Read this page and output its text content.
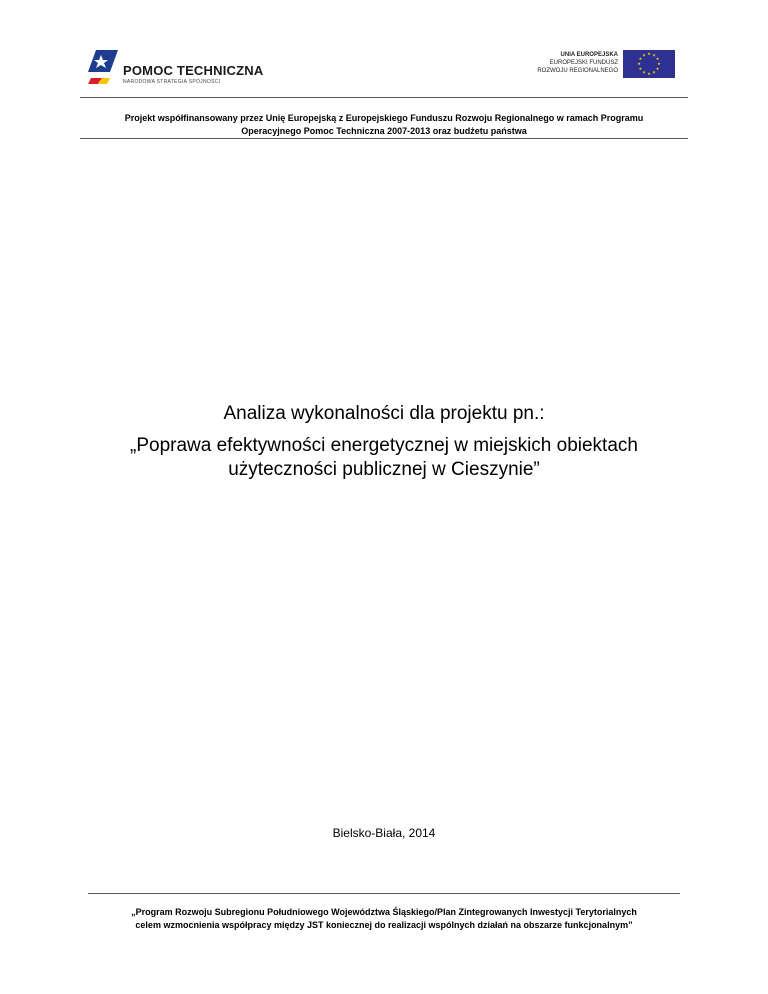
POMOC TECHNICZNA
NARODOWA STRATEGIA SPÓJNOŚCI
UNIA EUROPEJSKA
EUROPEJSKI FUNDUSZ
ROZWOJU REGIONALNEGO
★ ★
★
★
★
★
★
★
★
★
★
★
Projekt współfinansowany przez Unię Europejską z Europejskiego Funduszu Rozwoju Regionalnego w ramach Programu
Operacyjnego Pomoc Techniczna 2007-2013 oraz budżetu państwa

Analiza wykonalności dla projektu pn.:

„Poprawa efektywności energetycznej w miejskich obiektach

użyteczności publicznej w Cieszynie”

Bielsko-Biała, 2014
„Program Rozwoju Subregionu Południowego Województwa Śląskiego/Plan Zintegrowanych Inwestycji Terytorialnych
celem wzmocnienia współpracy między JST koniecznej do realizacji wspólnych działań na obszarze funkcjonalnym”
